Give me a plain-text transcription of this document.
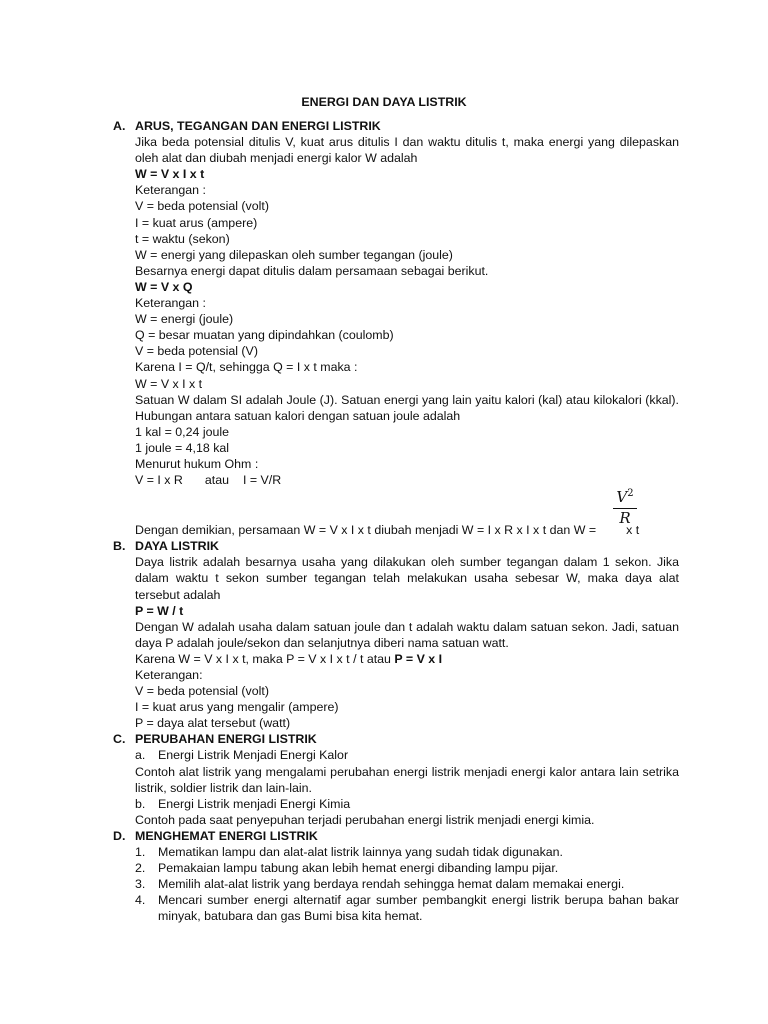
ENERGI DAN DAYA LISTRIK
A. ARUS, TEGANGAN DAN ENERGI LISTRIK
Jika beda potensial ditulis V, kuat arus ditulis I dan waktu ditulis t, maka energi yang dilepaskan oleh alat dan diubah menjadi energi kalor W adalah
W = V x I x t
Keterangan :
V = beda potensial (volt)
I = kuat arus (ampere)
t = waktu (sekon)
W = energi yang dilepaskan oleh sumber tegangan (joule)
Besarnya energi dapat ditulis dalam persamaan sebagai berikut.
W = V x Q
Keterangan :
W = energi (joule)
Q = besar muatan yang dipindahkan (coulomb)
V = beda potensial (V)
Karena I = Q/t, sehingga Q = I x t maka :
W = V x I x t
Satuan W dalam SI adalah Joule (J). Satuan energi yang lain yaitu kalori (kal) atau kilokalori (kkal). Hubungan antara satuan kalori dengan satuan joule adalah
1 kal = 0,24 joule
1 joule = 4,18 kal
Menurut hukum Ohm :
V = I x R atau I = V/R
$V^2$
R
Dengan demikian, persamaan W = V x I x t diubah menjadi W = I x R x I x t dan W = x t
B. DAYA LISTRIK
Daya listrik adalah besarnya usaha yang dilakukan oleh sumber tegangan dalam 1 sekon. Jika dalam waktu t sekon sumber tegangan telah melakukan usaha sebesar W, maka daya alat tersebut adalah
P = W / t
Dengan W adalah usaha dalam satuan joule dan t adalah waktu dalam satuan sekon. Jadi, satuan daya P adalah joule/sekon dan selanjutnya diberi nama satuan watt.
Karena W = V x I x t, maka P = V x I x t / t atau P = V x I
Keterangan:
V = beda potensial (volt)
I = kuat arus yang mengalir (ampere)
P = daya alat tersebut (watt)
C. PERUBAHAN ENERGI LISTRIK
a. Energi Listrik Menjadi Energi Kalor
Contoh alat listrik yang mengalami perubahan energi listrik menjadi energi kalor antara lain setrika listrik, soldier listrik dan lain-lain.
b. Energi Listrik menjadi Energi Kimia
Contoh pada saat penyepuhan terjadi perubahan energi listrik menjadi energi kimia.
D. MENGHEMAT ENERGI LISTRIK
1. Mematikan lampu dan alat-alat listrik lainnya yang sudah tidak digunakan.
2. Pemakaian lampu tabung akan lebih hemat energi dibanding lampu pijar.
3. Memilih alat-alat listrik yang berdaya rendah sehingga hemat dalam memakai energi.
4. Mencari sumber energi alternatif agar sumber pembangkit energi listrik berupa bahan bakar minyak, batubara dan gas Bumi bisa kita hemat.
